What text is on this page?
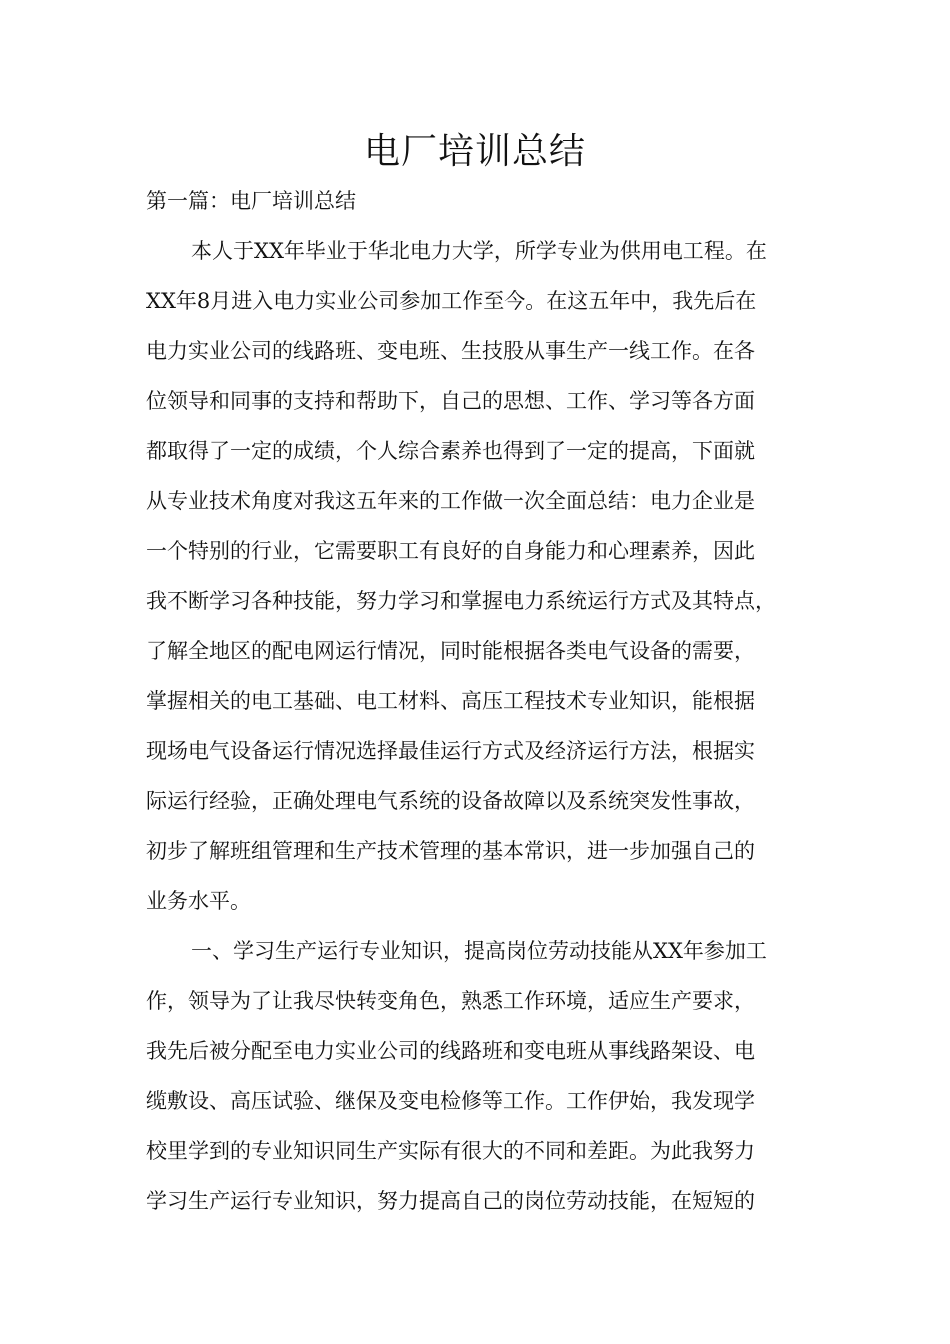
电厂培训总结

第一篇：电厂培训总结

本人于XX年毕业于华北电力大学，所学专业为供用电工程。在

XX年8月进入电力实业公司参加工作至今。在这五年中，我先后在

电力实业公司的线路班、变电班、生技股从事生产一线工作。在各

位领导和同事的支持和帮助下，自己的思想、工作、学习等各方面

都取得了一定的成绩，个人综合素养也得到了一定的提高，下面就

从专业技术角度对我这五年来的工作做一次全面总结：电力企业是

一个特别的行业，它需要职工有良好的自身能力和心理素养，因此

我不断学习各种技能，努力学习和掌握电力系统运行方式及其特点，

了解全地区的配电网运行情况，同时能根据各类电气设备的需要，

掌握相关的电工基础、电工材料、高压工程技术专业知识，能根据

现场电气设备运行情况选择最佳运行方式及经济运行方法，根据实

际运行经验，正确处理电气系统的设备故障以及系统突发性事故，

初步了解班组管理和生产技术管理的基本常识，进一步加强自己的

业务水平。

一、学习生产运行专业知识，提高岗位劳动技能从XX年参加工

作，领导为了让我尽快转变角色，熟悉工作环境，适应生产要求，

我先后被分配至电力实业公司的线路班和变电班从事线路架设、电

缆敷设、高压试验、继保及变电检修等工作。工作伊始，我发现学

校里学到的专业知识同生产实际有很大的不同和差距。为此我努力

学习生产运行专业知识，努力提高自己的岗位劳动技能，在短短的
